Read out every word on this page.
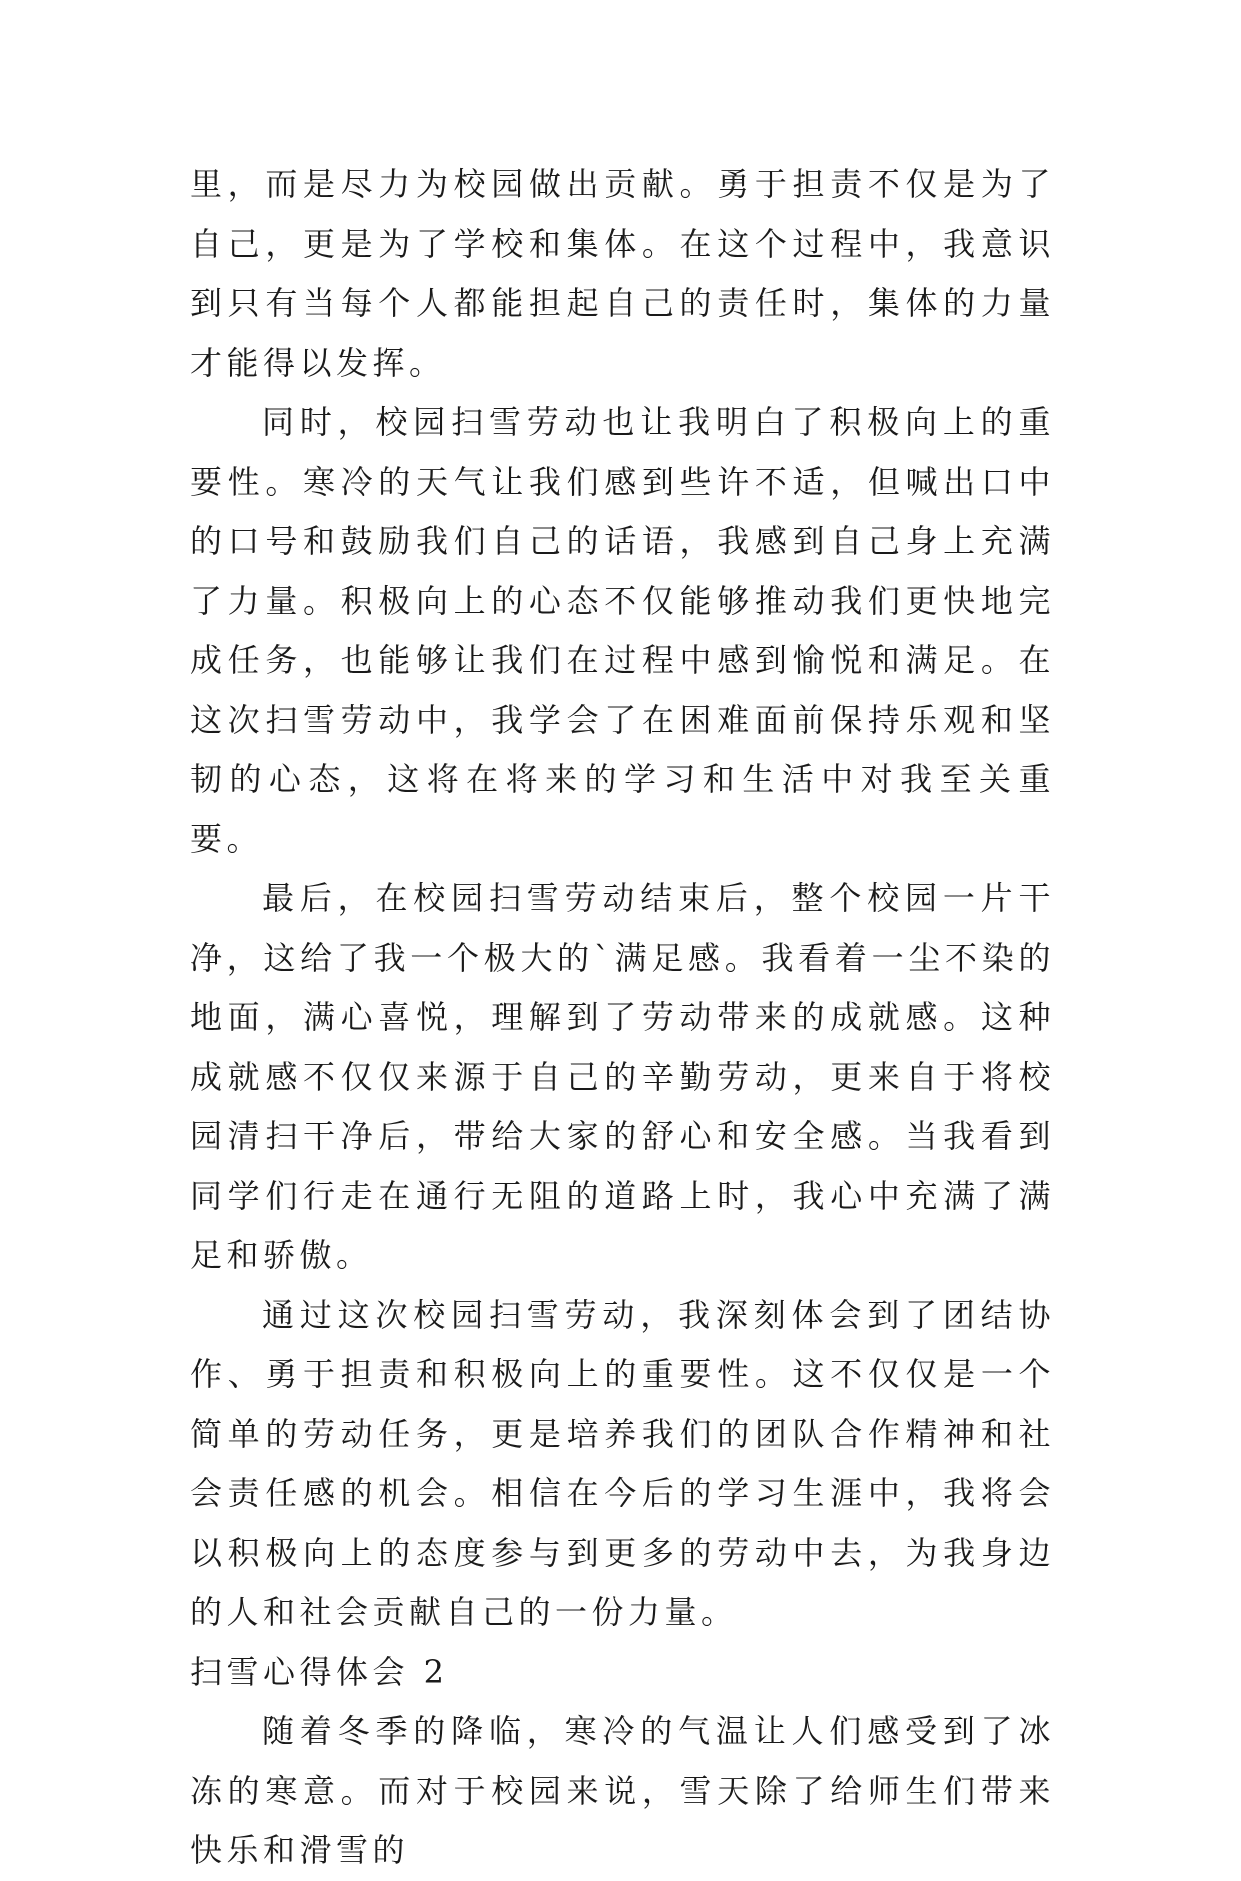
里，而是尽力为校园做出贡献。勇于担责不仅是为了自己，更是为了学校和集体。在这个过程中，我意识到只有当每个人都能担起自己的责任时，集体的力量才能得以发挥。

同时，校园扫雪劳动也让我明白了积极向上的重要性。寒冷的天气让我们感到些许不适，但喊出口中的口号和鼓励我们自己的话语，我感到自己身上充满了力量。积极向上的心态不仅能够推动我们更快地完成任务，也能够让我们在过程中感到愉悦和满足。在这次扫雪劳动中，我学会了在困难面前保持乐观和坚韧的心态，这将在将来的学习和生活中对我至关重要。

最后，在校园扫雪劳动结束后，整个校园一片干净，这给了我一个极大的`满足感。我看着一尘不染的地面，满心喜悦，理解到了劳动带来的成就感。这种成就感不仅仅来源于自己的辛勤劳动，更来自于将校园清扫干净后，带给大家的舒心和安全感。当我看到同学们行走在通行无阻的道路上时，我心中充满了满足和骄傲。

通过这次校园扫雪劳动，我深刻体会到了团结协作、勇于担责和积极向上的重要性。这不仅仅是一个简单的劳动任务，更是培养我们的团队合作精神和社会责任感的机会。相信在今后的学习生涯中，我将会以积极向上的态度参与到更多的劳动中去，为我身边的人和社会贡献自己的一份力量。

扫雪心得体会 2

随着冬季的降临，寒冷的气温让人们感受到了冰冻的寒意。而对于校园来说，雪天除了给师生们带来快乐和滑雪的
